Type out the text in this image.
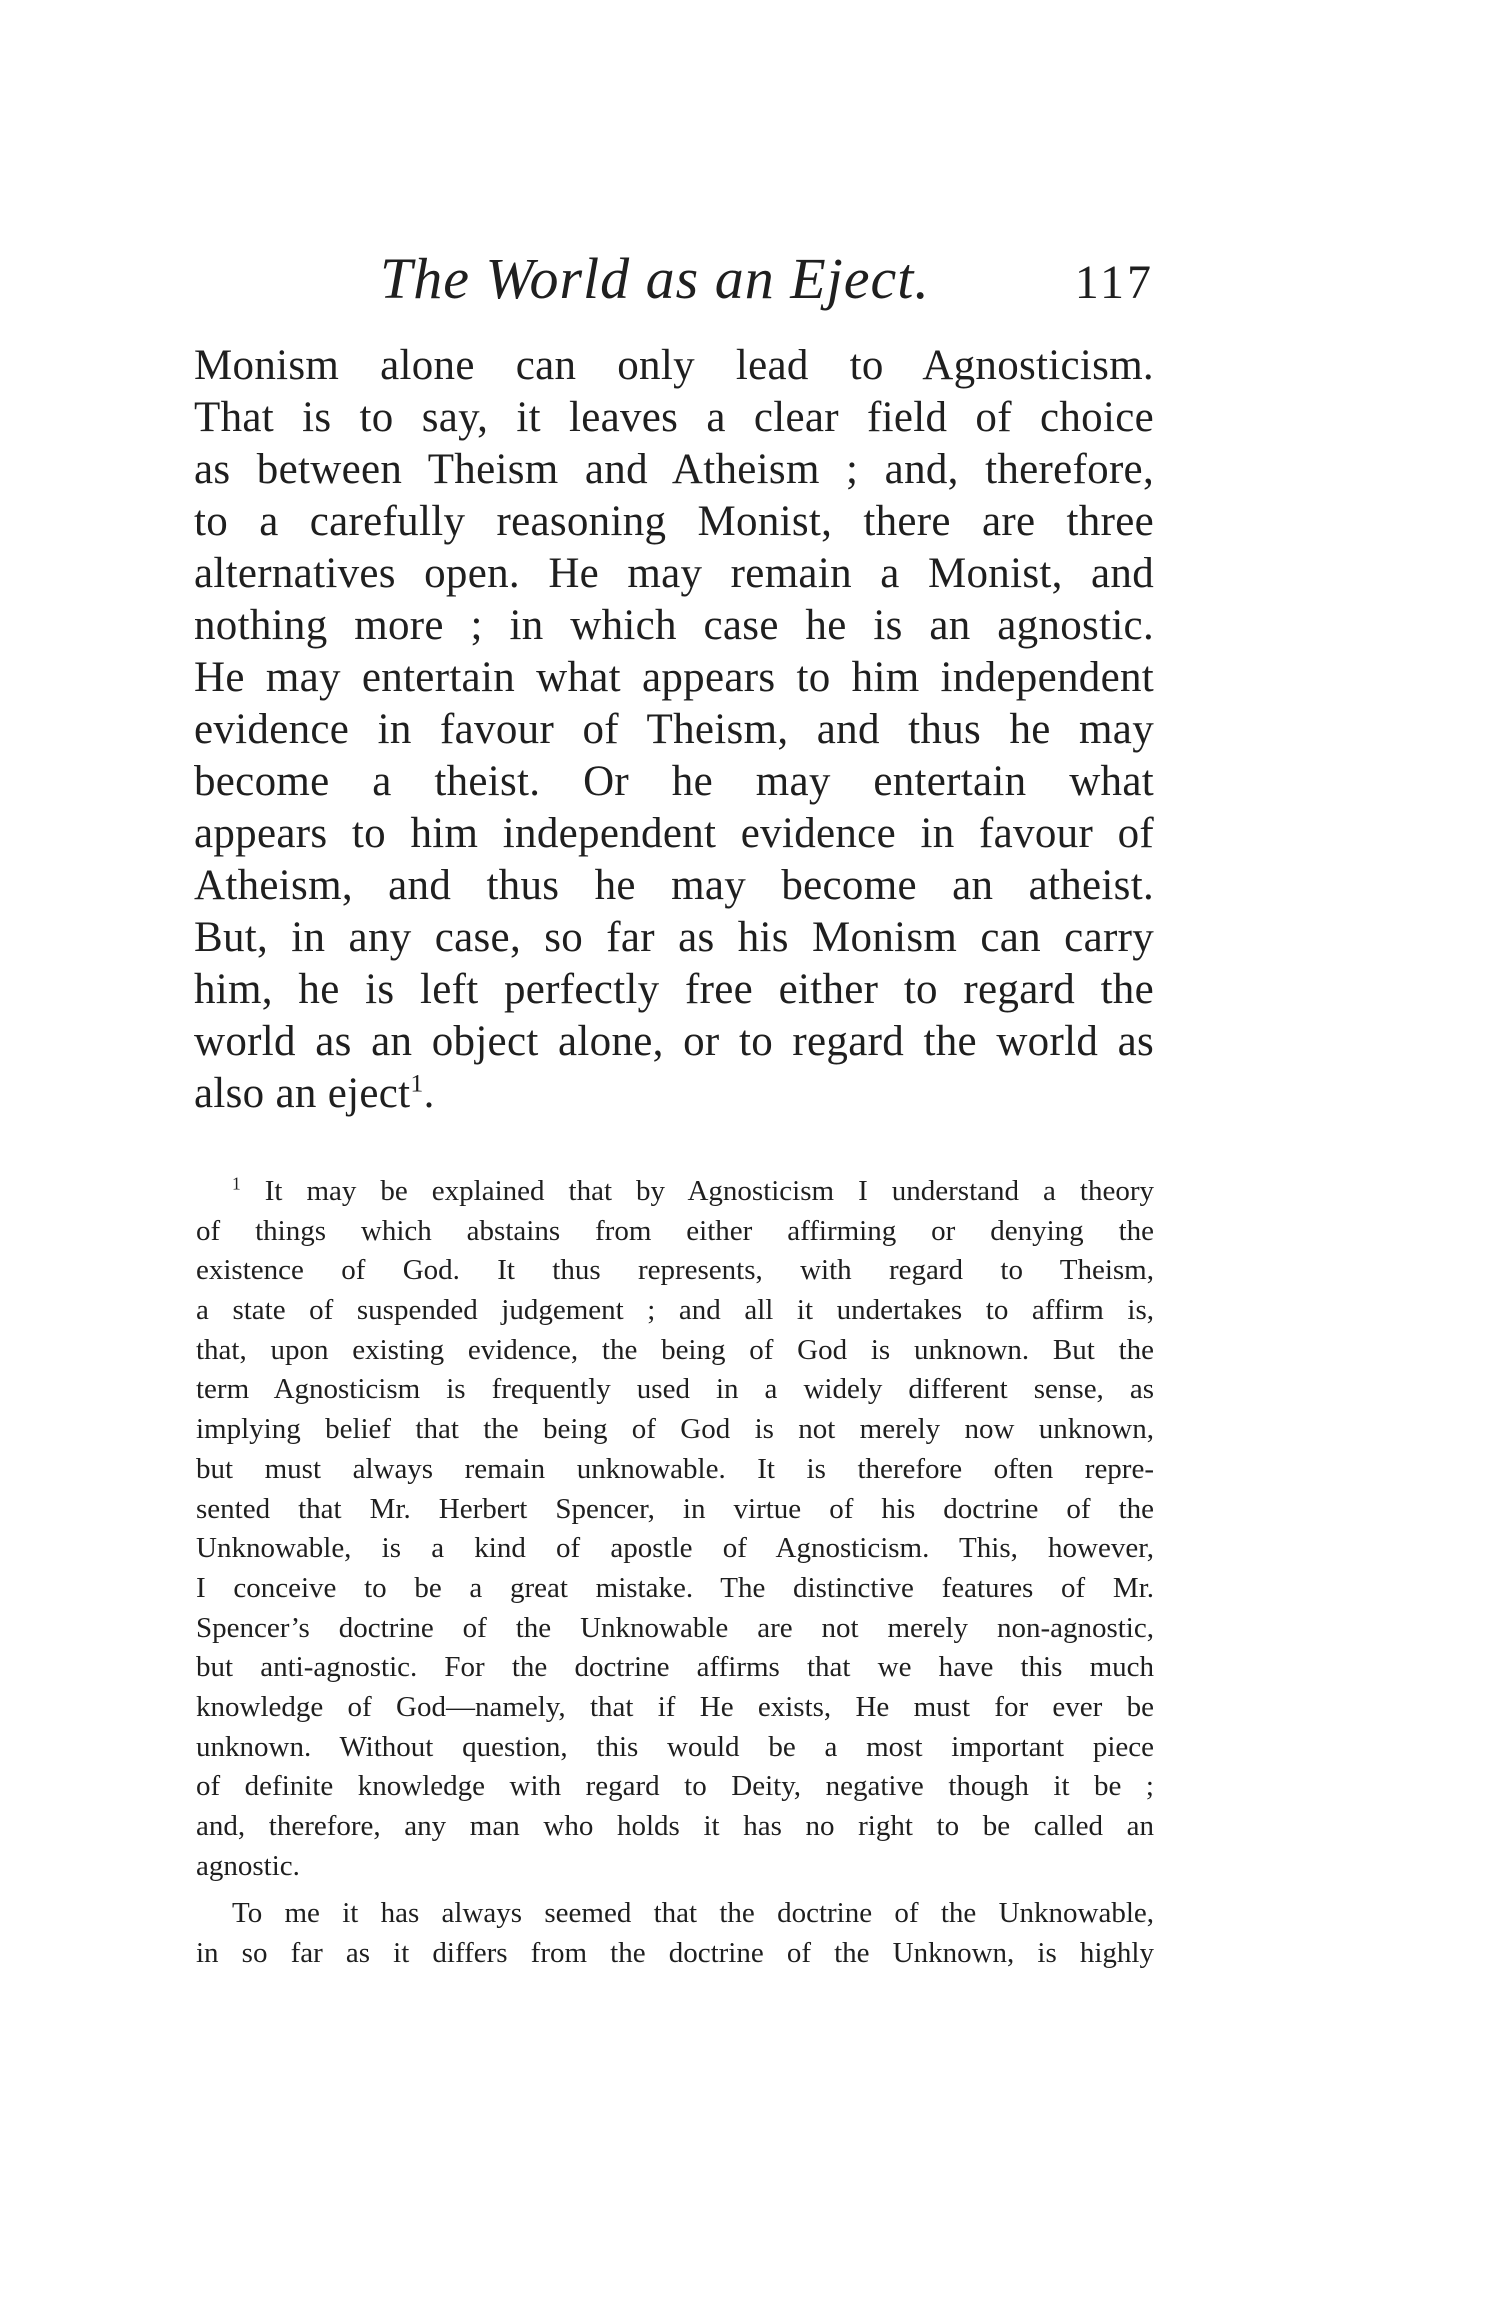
The World as an Eject.	117
Monism alone can only lead to Agnosticism.
That is to say, it leaves a clear field of choice
as between Theism and Atheism ; and, therefore,
to a carefully reasoning Monist, there are three
alternatives open. He may remain a Monist, and
nothing more ; in which case he is an agnostic.
He may entertain what appears to him independent
evidence in favour of Theism, and thus he may
become a theist. Or he may entertain what
appears to him independent evidence in favour of
Atheism, and thus he may become an atheist.
But, in any case, so far as his Monism can carry
him, he is left perfectly free either to regard the
world as an object alone, or to regard the world as
also an eject$^1$.
$^1$ It may be explained that by Agnosticism I understand a theory
of things which abstains from either affirming or denying the
existence of God. It thus represents, with regard to Theism,
a state of suspended judgement ; and all it undertakes to affirm is,
that, upon existing evidence, the being of God is unknown. But the
term Agnosticism is frequently used in a widely different sense, as
implying belief that the being of God is not merely now unknown,
but must always remain unknowable. It is therefore often repre-
sented that Mr. Herbert Spencer, in virtue of his doctrine of the
Unknowable, is a kind of apostle of Agnosticism. This, however,
I conceive to be a great mistake. The distinctive features of Mr.
Spencer’s doctrine of the Unknowable are not merely non-agnostic,
but anti-agnostic. For the doctrine affirms that we have this much
knowledge of God—namely, that if He exists, He must for ever be
unknown. Without question, this would be a most important piece
of definite knowledge with regard to Deity, negative though it be ;
and, therefore, any man who holds it has no right to be called an
agnostic.
To me it has always seemed that the doctrine of the Unknowable,
in so far as it differs from the doctrine of the Unknown, is highly
